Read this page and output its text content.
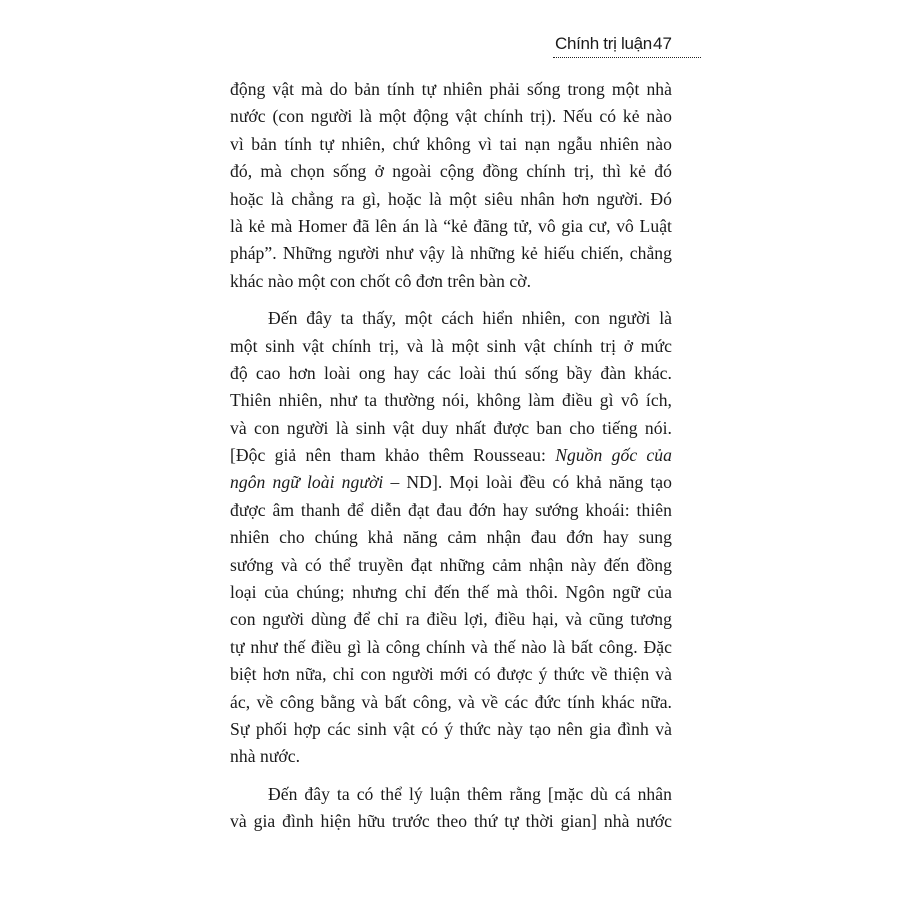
Chính trị luận 47
động vật mà do bản tính tự nhiên phải sống trong một nhà
nước (con người là một động vật chính trị). Nếu có kẻ nào
vì bản tính tự nhiên, chứ không vì tai nạn ngẫu nhiên nào
đó, mà chọn sống ở ngoài cộng đồng chính trị, thì kẻ đó
hoặc là chẳng ra gì, hoặc là một siêu nhân hơn người. Đó
là kẻ mà Homer đã lên án là “kẻ đãng tử, vô gia cư, vô Luật
pháp”. Những người như vậy là những kẻ hiếu chiến, chẳng
khác nào một con chốt cô đơn trên bàn cờ.
Đến đây ta thấy, một cách hiển nhiên, con người là
một sinh vật chính trị, và là một sinh vật chính trị ở mức
độ cao hơn loài ong hay các loài thú sống bầy đàn khác.
Thiên nhiên, như ta thường nói, không làm điều gì vô ích,
và con người là sinh vật duy nhất được ban cho tiếng nói.
[Độc giả nên tham khảo thêm Rousseau: Nguồn gốc của
ngôn ngữ loài người – ND]. Mọi loài đều có khả năng tạo
được âm thanh để diễn đạt đau đớn hay sướng khoái: thiên
nhiên cho chúng khả năng cảm nhận đau đớn hay sung
sướng và có thể truyền đạt những cảm nhận này đến đồng
loại của chúng; nhưng chỉ đến thế mà thôi. Ngôn ngữ của
con người dùng để chỉ ra điều lợi, điều hại, và cũng tương
tự như thế điều gì là công chính và thế nào là bất công. Đặc
biệt hơn nữa, chỉ con người mới có được ý thức về thiện và
ác, về công bằng và bất công, và về các đức tính khác nữa.
Sự phối hợp các sinh vật có ý thức này tạo nên gia đình và
nhà nước.
Đến đây ta có thể lý luận thêm rằng [mặc dù cá nhân
và gia đình hiện hữu trước theo thứ tự thời gian] nhà nước
